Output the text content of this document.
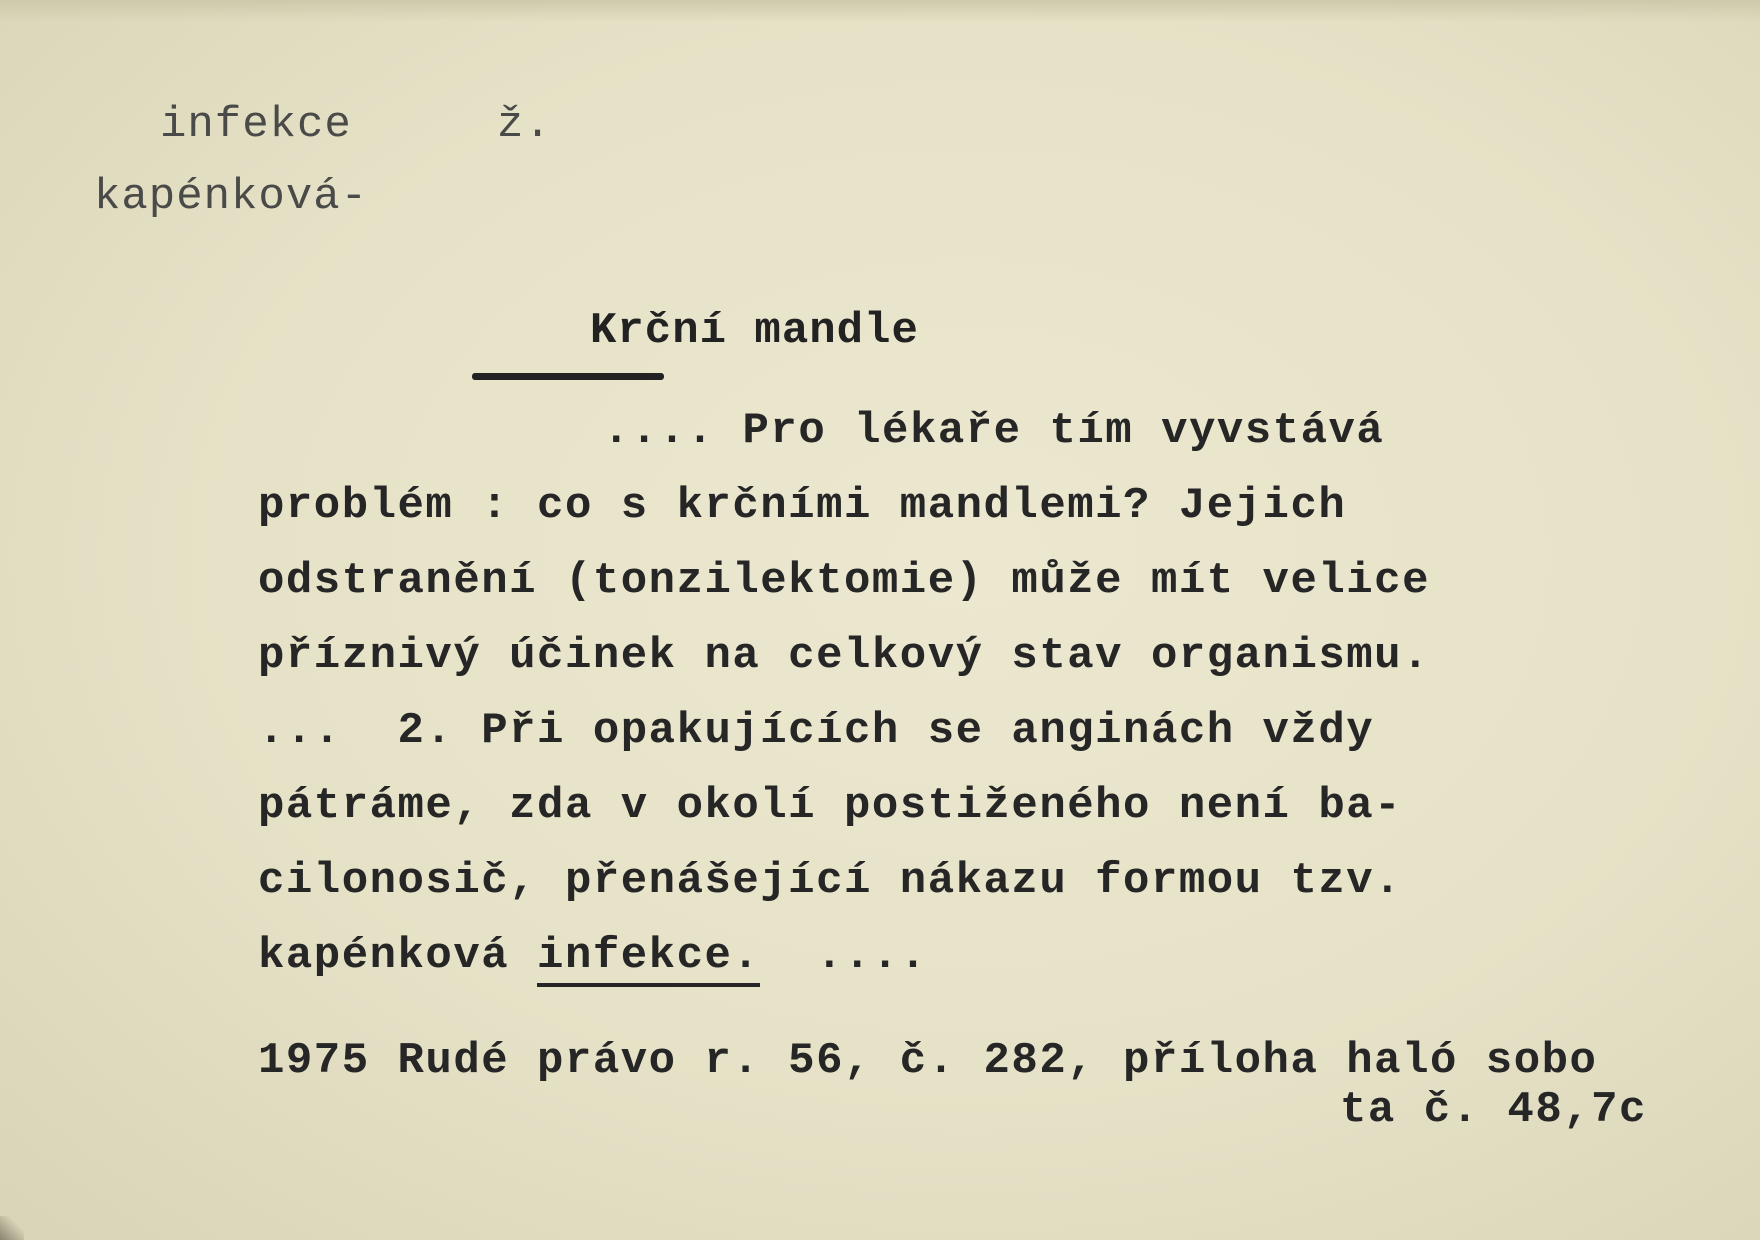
infekce	ž.
kapénková-
Krční mandle
.... Pro lékaře tím vyvstává
problém : co s krčními mandlemi? Jejich
odstranění (tonzilektomie) může mít velice
příznivý účinek na celkový stav organismu.
...  2. Při opakujících se anginách vždy
pátráme, zda v okolí postiženého není ba-
cilonosič, přenášející nákazu formou tzv.
kapénková infekce.  ....
1975 Rudé právo r. 56, č. 282, příloha haló sobo
ta č. 48,7c
